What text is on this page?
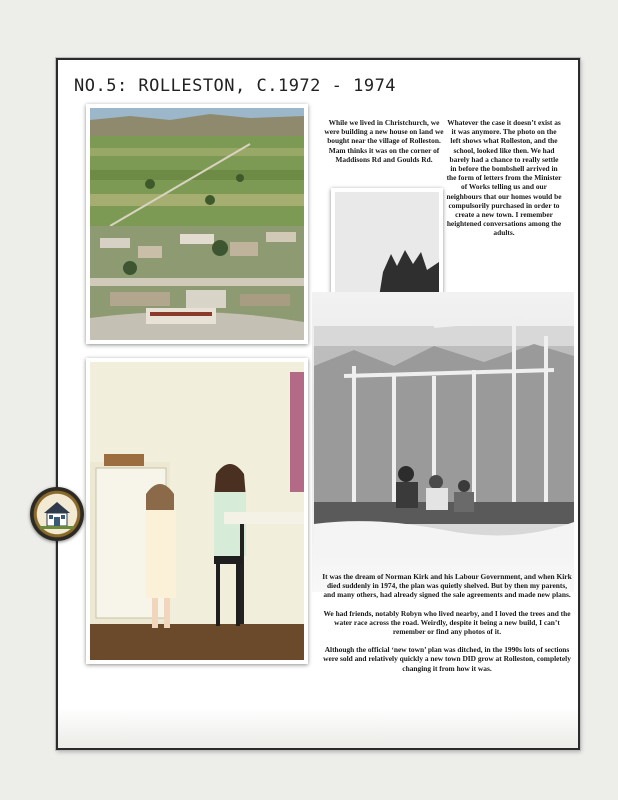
NO.5: ROLLESTON, C.1972 - 1974
While we lived in Christchurch, we were building a new house on land we bought near the village of Rolleston. Mam thinks it was on the corner of Maddisons Rd and Goulds Rd.
Whatever the case it doesn’t exist as it was anymore. The photo on the left shows what Rolleston, and the school, looked like then. We had barely had a chance to really settle in before the bombshell arrived in the form of letters from the Minister of Works telling us and our neighbours that our homes would be compulsorily purchased in order to create a new town. I remember heightened conversations among the adults.

It was the dream of Norman Kirk and his Labour Government, and when Kirk died suddenly in 1974, the plan was quietly shelved. But by then my parents, and many others, had already signed the sale agreements and made new plans.

We had friends, notably Robyn who lived nearby, and I loved the trees and the water race across the road. Weirdly, despite it being a new build, I can’t remember or find any photos of it.

Although the official ‘new town’ plan was ditched, in the 1990s lots of sections were sold and relatively quickly a new town DID grow at Rolleston, completely changing it from how it was.
